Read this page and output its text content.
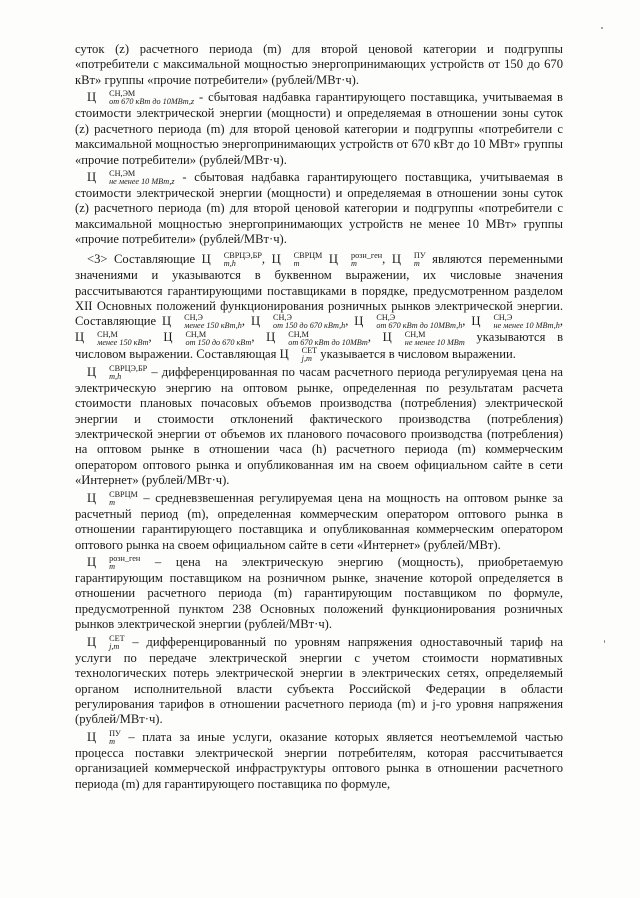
суток (z) расчетного периода (m) для второй ценовой категории и подгруппы «потребители с максимальной мощностью энергопринимающих устройств от 150 до 670 кВт» группы «прочие потребители» (рублей/МВт·ч).

Ц	СН,ЭМ
от 670 кВт до 10МВт,z - сбытовая надбавка гарантирующего поставщика, учитываемая в стоимости электрической энергии (мощности) и определяемая в отношении зоны суток (z) расчетного периода (m) для второй ценовой категории и подгруппы «потребители с максимальной мощностью энергопринимающих устройств от 670 кВт до 10 МВт» группы «прочие потребители» (рублей/МВт·ч).

Ц	СН,ЭМ
не менее 10 МВт,z - сбытовая надбавка гарантирующего поставщика, учитываемая в стоимости электрической энергии (мощности) и определяемая в отношении зоны суток (z) расчетного периода (m) для второй ценовой категории и подгруппы «потребители с максимальной мощностью энергопринимающих устройств не менее 10 МВт» группы «прочие потребители» (рублей/МВт·ч).

<3> Составляющие Ц	СВРЦЭ,БР
m,h	, Ц	СВРЦМ
m	Ц	розн_ген
m	, Ц	ПУ
m являются переменными значениями и указываются в буквенном выражении, их числовые значения рассчитываются гарантирующими поставщиками в порядке, предусмотренном разделом XII Основных положений функционирования розничных рынков электрической энергии. Составляющие Ц	СН,Э
менее 150 кВт,h , Ц	СН,Э
от 150 до 670 кВт,h , Ц	СН,Э
от 670 кВт до 10МВт,h , Ц	СН,Э
не менее 10 МВт,h , Ц	СН,М
менее 150 кВт , Ц	СН,М
от 150 до 670 кВт , Ц	СН,М
от 670 кВт до 10МВт , Ц	СН,М
не менее 10 МВт указываются в числовом выражении. Составляющая Ц	СЕТ
j,m указывается в числовом выражении.

Ц	СВРЦЭ,БР
m,h	– дифференцированная по часам расчетного периода регулируемая цена на электрическую энергию на оптовом рынке, определенная по результатам расчета стоимости плановых почасовых объемов производства (потребления) электрической энергии и стоимости отклонений фактического производства (потребления) электрической энергии от объемов их планового почасового производства (потребления) на оптовом рынке в отношении часа (h) расчетного периода (m) коммерческим оператором оптового рынка и опубликованная им на своем официальном сайте в сети «Интернет» (рублей/МВт·ч).

Ц	СВРЦМ
m	– средневзвешенная регулируемая цена на мощность на оптовом рынке за расчетный период (m), определенная коммерческим оператором оптового рынка в отношении гарантирующего поставщика и опубликованная коммерческим оператором оптового рынка на своем официальном сайте в сети «Интернет» (рублей/МВт).

Ц	розн_ген
m	– цена на электрическую энергию (мощность), приобретаемую гарантирующим поставщиком на розничном рынке, значение которой определяется в отношении расчетного периода (m) гарантирующим поставщиком по формуле, предусмотренной пунктом 238 Основных положений функционирования розничных рынков электрической энергии (рублей/МВт·ч).

Ц	СЕТ
j,m – дифференцированный по уровням напряжения одноставочный тариф на услуги по передаче электрической энергии с учетом стоимости нормативных технологических потерь электрической энергии в электрических сетях, определяемый органом исполнительной власти субъекта Российской Федерации в области регулирования тарифов в отношении расчетного периода (m) и j-го уровня напряжения (рублей/МВт·ч).

Ц	ПУ
m – плата за иные услуги, оказание которых является неотъемлемой частью процесса поставки электрической энергии потребителям, которая рассчитывается организацией коммерческой инфраструктуры оптового рынка в отношении расчетного периода (m) для гарантирующего поставщика по формуле,
